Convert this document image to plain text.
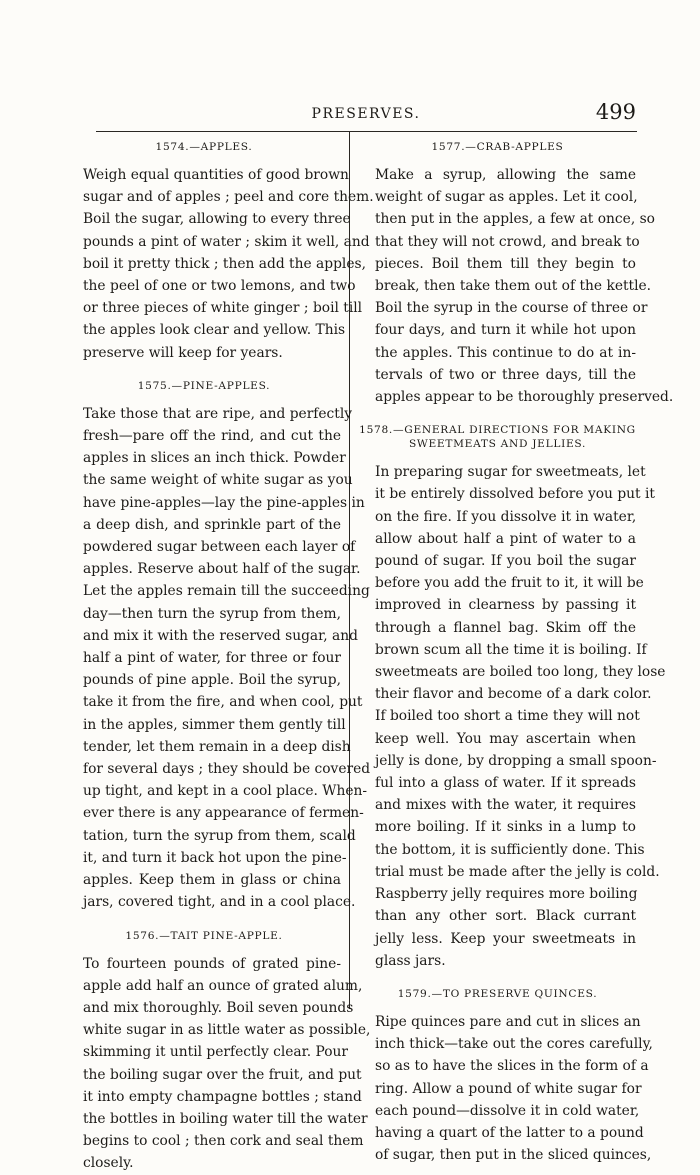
PRESERVES.	499
1574.—APPLES.
Weigh equal quantities of good brown
sugar and of apples ; peel and core them.
Boil the sugar, allowing to every three
pounds a pint of water ; skim it well, and
boil it pretty thick ; then add the apples,
the peel of one or two lemons, and two
or three pieces of white ginger ; boil till
the apples look clear and yellow. This
preserve will keep for years.
1575.—PINE-APPLES.
Take those that are ripe, and perfectly
fresh—pare off the rind, and cut the
apples in slices an inch thick. Powder
the same weight of white sugar as you
have pine-apples—lay the pine-apples in
a deep dish, and sprinkle part of the
powdered sugar between each layer of
apples. Reserve about half of the sugar.
Let the apples remain till the succeeding
day—then turn the syrup from them,
and mix it with the reserved sugar, and
half a pint of water, for three or four
pounds of pine apple. Boil the syrup,
take it from the fire, and when cool, put
in the apples, simmer them gently till
tender, let them remain in a deep dish
for several days ; they should be covered
up tight, and kept in a cool place. When-
ever there is any appearance of fermen-
tation, turn the syrup from them, scald
it, and turn it back hot upon the pine-
apples. Keep them in glass or china
jars, covered tight, and in a cool place.
1576.—TAIT PINE-APPLE.
To fourteen pounds of grated pine-
apple add half an ounce of grated alum,
and mix thoroughly. Boil seven pounds
white sugar in as little water as possible,
skimming it until perfectly clear. Pour
the boiling sugar over the fruit, and put
it into empty champagne bottles ; stand
the bottles in boiling water till the water
begins to cool ; then cork and seal them
closely.
1577.—CRAB-APPLES
Make a syrup, allowing the same
weight of sugar as apples. Let it cool,
then put in the apples, a few at once, so
that they will not crowd, and break to
pieces. Boil them till they begin to
break, then take them out of the kettle.
Boil the syrup in the course of three or
four days, and turn it while hot upon
the apples. This continue to do at in-
tervals of two or three days, till the
apples appear to be thoroughly preserved.
1578.—GENERAL DIRECTIONS FOR MAKING
SWEETMEATS AND JELLIES.
In preparing sugar for sweetmeats, let
it be entirely dissolved before you put it
on the fire. If you dissolve it in water,
allow about half a pint of water to a
pound of sugar. If you boil the sugar
before you add the fruit to it, it will be
improved in clearness by passing it
through a flannel bag. Skim off the
brown scum all the time it is boiling. If
sweetmeats are boiled too long, they lose
their flavor and become of a dark color.
If boiled too short a time they will not
keep well. You may ascertain when
jelly is done, by dropping a small spoon-
ful into a glass of water. If it spreads
and mixes with the water, it requires
more boiling. If it sinks in a lump to
the bottom, it is sufficiently done. This
trial must be made after the jelly is cold.
Raspberry jelly requires more boiling
than any other sort. Black currant
jelly less. Keep your sweetmeats in
glass jars.
1579.—TO PRESERVE QUINCES.
Ripe quinces pare and cut in slices an
inch thick—take out the cores carefully,
so as to have the slices in the form of a
ring. Allow a pound of white sugar for
each pound—dissolve it in cold water,
having a quart of the latter to a pound
of sugar, then put in the sliced quinces,
